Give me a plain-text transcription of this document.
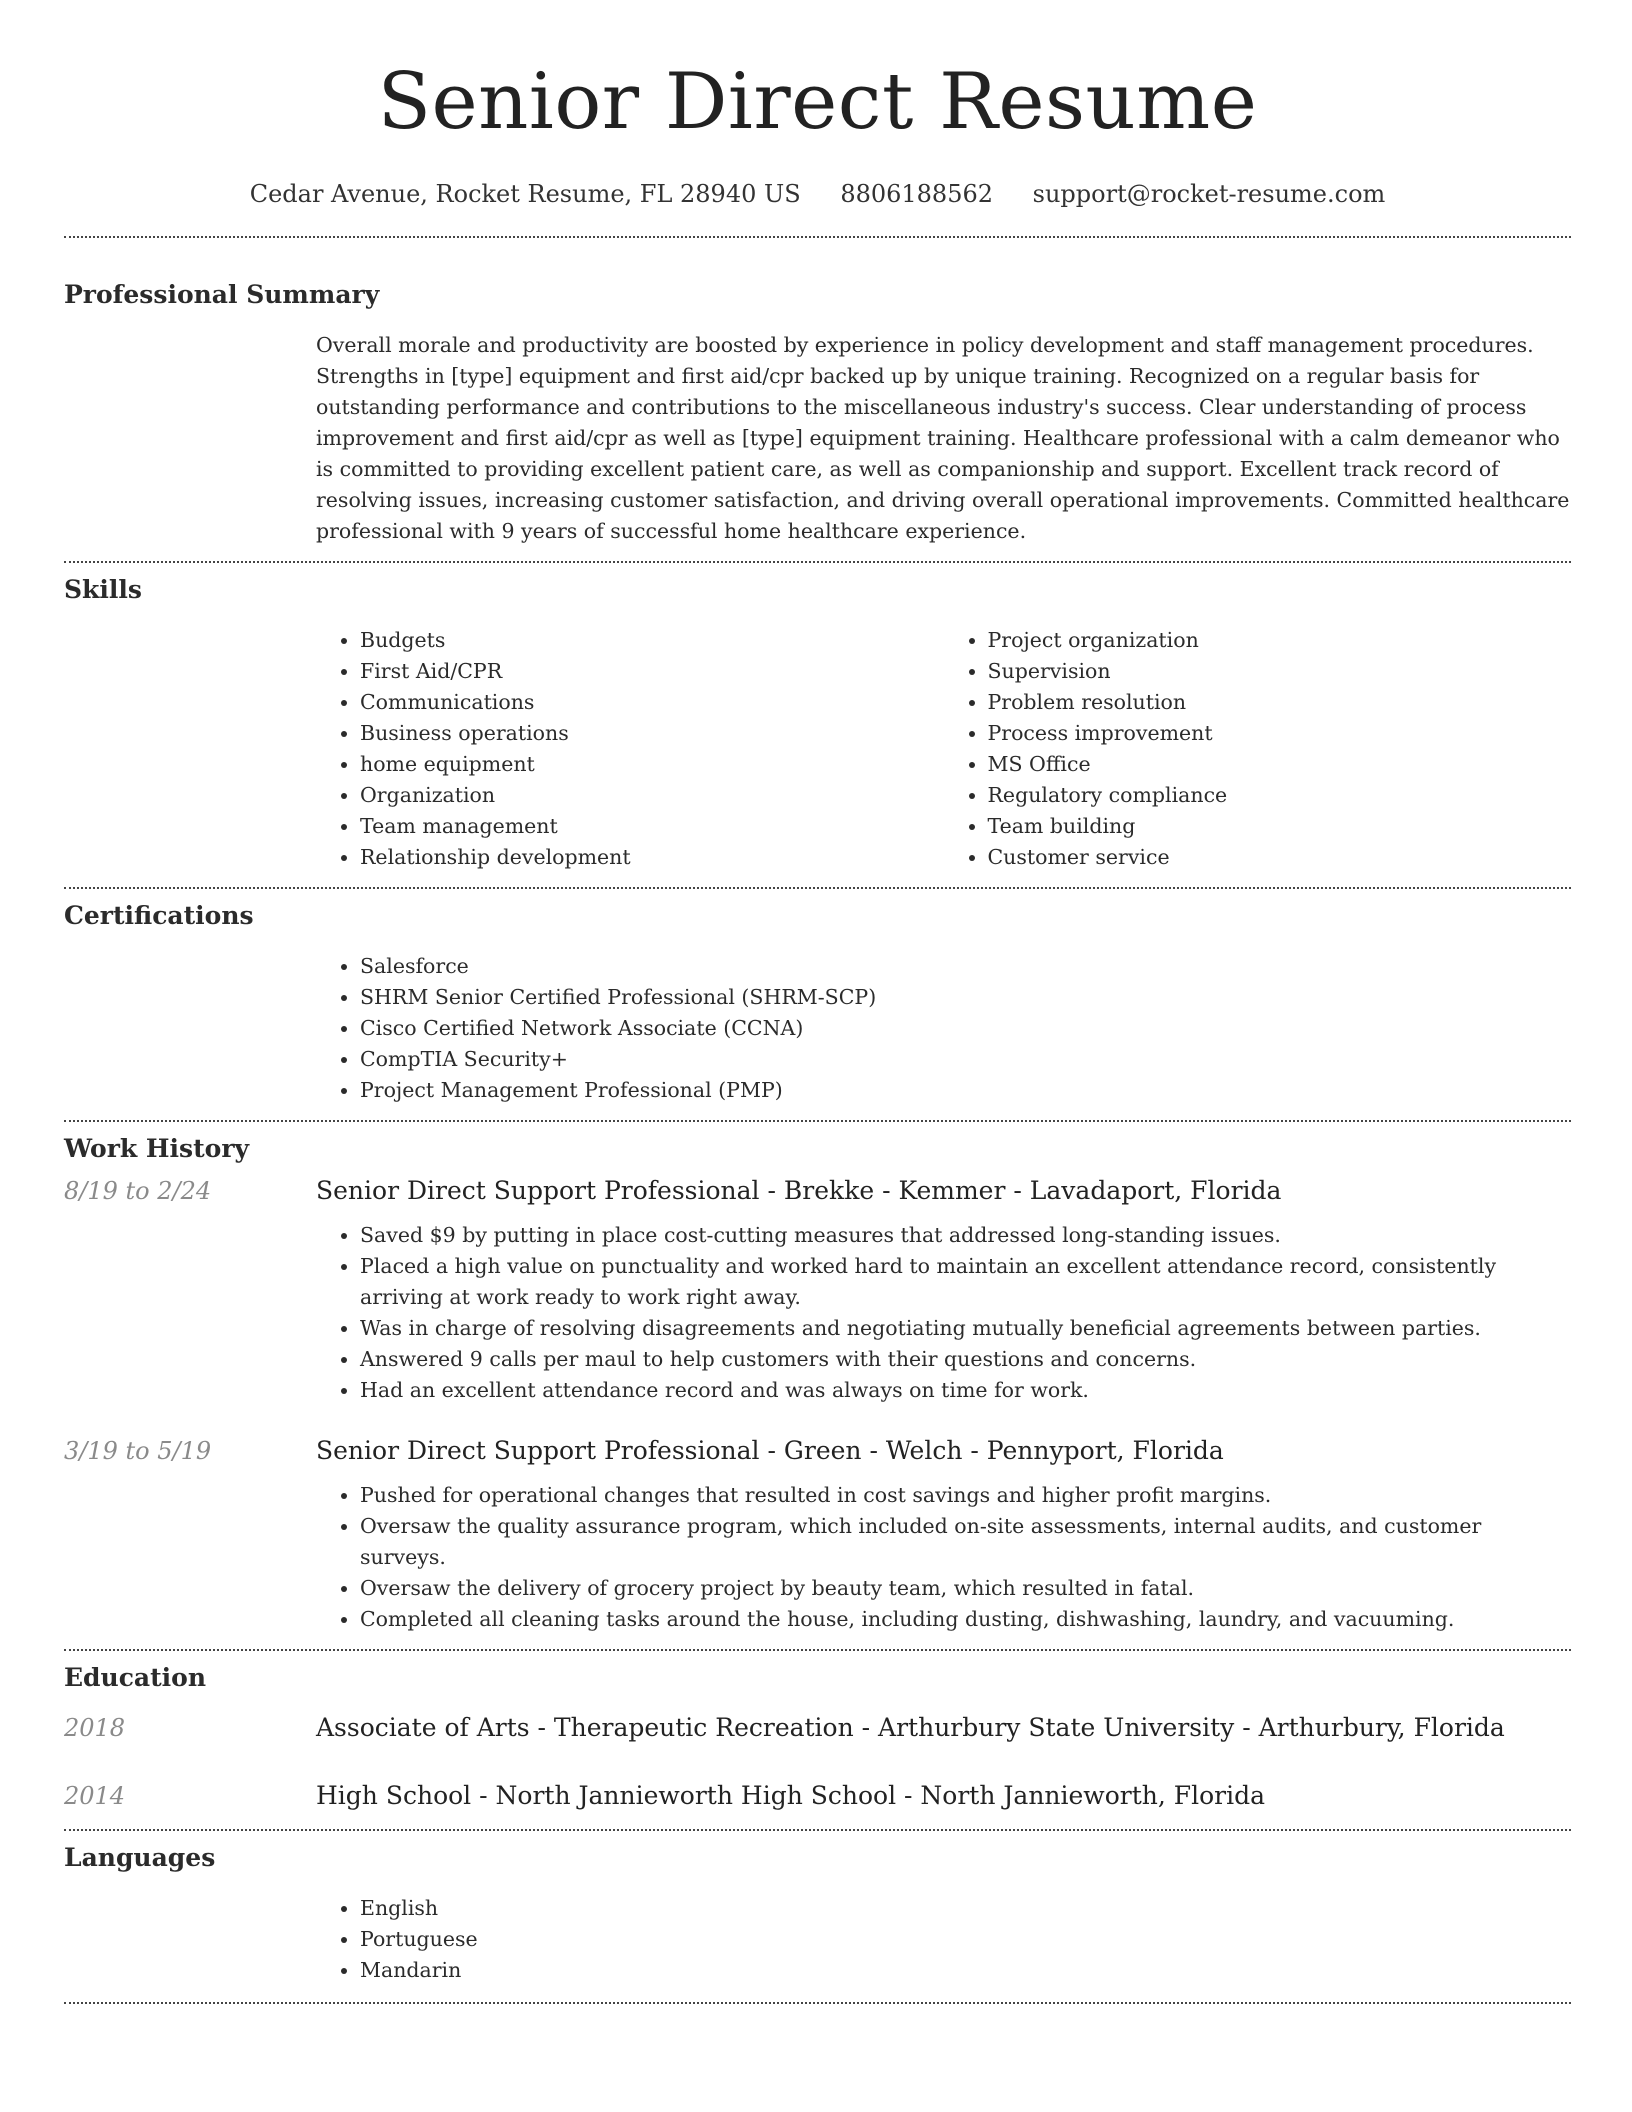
Senior Direct Resume
Cedar Avenue, Rocket Resume, FL 28940 US 8806188562 support@rocket-resume.com
Professional Summary

Overall morale and productivity are boosted by experience in policy development and staff management procedures. Strengths in [type] equipment and first aid/cpr backed up by unique training. Recognized on a regular basis for outstanding performance and contributions to the miscellaneous industry's success. Clear understanding of process improvement and first aid/cpr as well as [type] equipment training. Healthcare professional with a calm demeanor who is committed to providing excellent patient care, as well as companionship and support. Excellent track record of resolving issues, increasing customer satisfaction, and driving overall operational improvements. Committed healthcare professional with 9 years of successful home healthcare experience.

Skills
• Budgets
• First Aid/CPR
• Communications
• Business operations
• home equipment
• Organization
• Team management
• Relationship development
• Project organization
• Supervision
• Problem resolution
• Process improvement
• MS Office
• Regulatory compliance
• Team building
• Customer service
Certifications
• Salesforce
• SHRM Senior Certified Professional (SHRM-SCP)
• Cisco Certified Network Associate (CCNA)
• CompTIA Security+
• Project Management Professional (PMP)
Work History
8/19 to 2/24	Senior Direct Support Professional - Brekke - Kemmer - Lavadaport, Florida

• Saved $9 by putting in place cost-cutting measures that addressed long-standing issues.
• Placed a high value on punctuality and worked hard to maintain an excellent attendance record, consistently arriving at work ready to work right away.
• Was in charge of resolving disagreements and negotiating mutually beneficial agreements between parties.
• Answered 9 calls per maul to help customers with their questions and concerns.
• Had an excellent attendance record and was always on time for work.
3/19 to 5/19	Senior Direct Support Professional - Green - Welch - Pennyport, Florida

• Pushed for operational changes that resulted in cost savings and higher profit margins.
• Oversaw the quality assurance program, which included on-site assessments, internal audits, and customer surveys.
• Oversaw the delivery of grocery project by beauty team, which resulted in fatal.
• Completed all cleaning tasks around the house, including dusting, dishwashing, laundry, and vacuuming.
Education
2018	Associate of Arts - Therapeutic Recreation - Arthurbury State University - Arthurbury, Florida
2014	High School - North Jannieworth High School - North Jannieworth, Florida
Languages
• English
• Portuguese
• Mandarin
